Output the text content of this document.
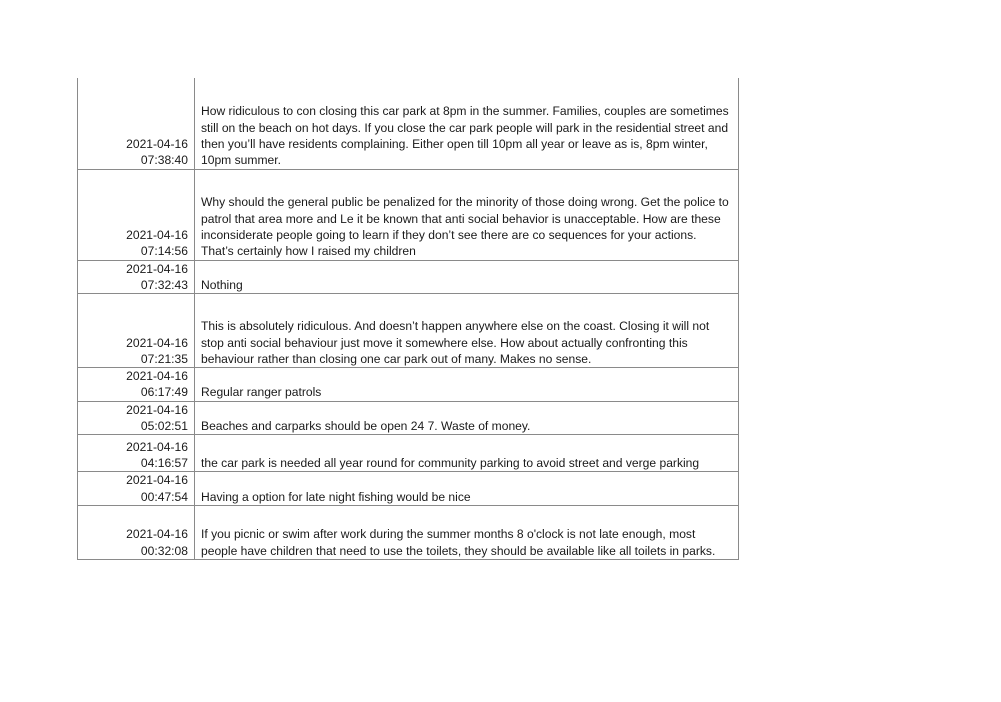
2021-04-16
07:38:40	How ridiculous to con closing this car park at 8pm in the summer. Families, couples are sometimes still on the beach on hot days. If you close the car park people will park in the residential street and then you’ll have residents complaining. Either open till 10pm all year or leave as is, 8pm winter, 10pm summer.

2021-04-16
07:14:56	Why should the general public be penalized for the minority of those doing wrong. Get the police to patrol that area more and Le it be known that anti social behavior is unacceptable. How are these inconsiderate people going to learn if they don’t see there are co sequences for your actions. That’s certainly how I raised my children

2021-04-16
07:32:43	Nothing

2021-04-16
07:21:35	This is absolutely ridiculous. And doesn’t happen anywhere else on the coast. Closing it will not stop anti social behaviour just move it somewhere else. How about actually confronting this behaviour rather than closing one car park out of many. Makes no sense.

2021-04-16
06:17:49	Regular ranger patrols

2021-04-16
05:02:51	Beaches and carparks should be open 24 7. Waste of money.

2021-04-16
04:16:57	the car park is needed all year round for community parking to avoid street and verge parking

2021-04-16
00:47:54	Having a option for late night fishing would be nice

2021-04-16
00:32:08	If you picnic or swim after work during the summer months 8 o'clock is not late enough, most people have children that need to use the toilets, they should be available like all toilets in parks.
